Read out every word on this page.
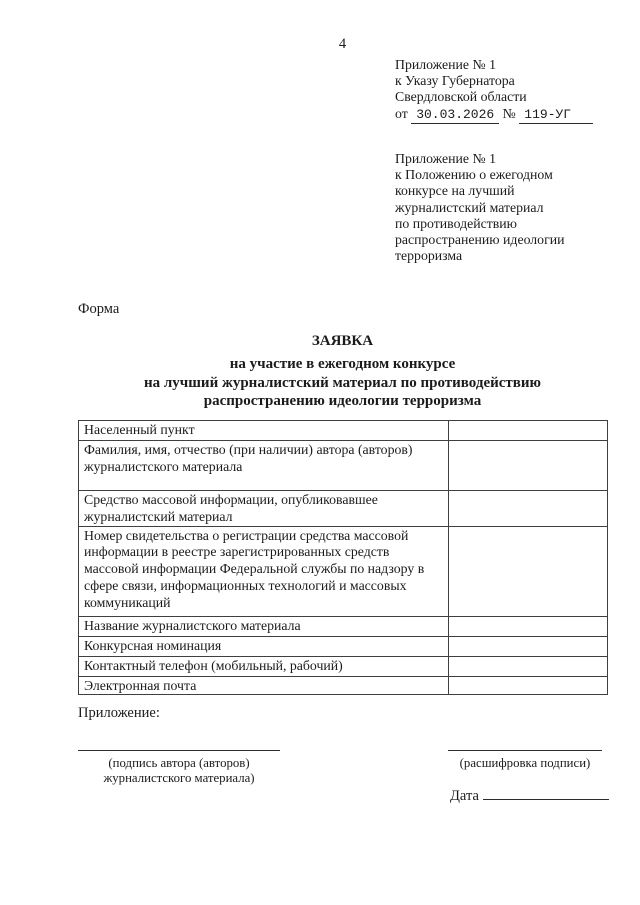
4
Приложение № 1
к Указу Губернатора
Свердловской области
от 30.03.2026 № 119-УГ
Приложение № 1
к Положению о ежегодном
конкурсе на лучший
журналистский материал
по противодействию
распространению идеологии
терроризма
Форма
ЗАЯВКА
на участие в ежегодном конкурсе
на лучший журналистский материал по противодействию
распространению идеологии терроризма
Населенный пункт	
Фамилия, имя, отчество (при наличии) автора (авторов) журналистского материала	
Средство массовой информации, опубликовавшее журналистский материал	
Номер свидетельства о регистрации средства массовой информации в реестре зарегистрированных средств массовой информации Федеральной службы по надзору в сфере связи, информационных технологий и массовых коммуникаций	
Название журналистского материала	
Конкурсная номинация	
Контактный телефон (мобильный, рабочий)	
Электронная почта	
Приложение:
(подпись автора (авторов)
журналистского материала)
(расшифровка подписи)
Дата
